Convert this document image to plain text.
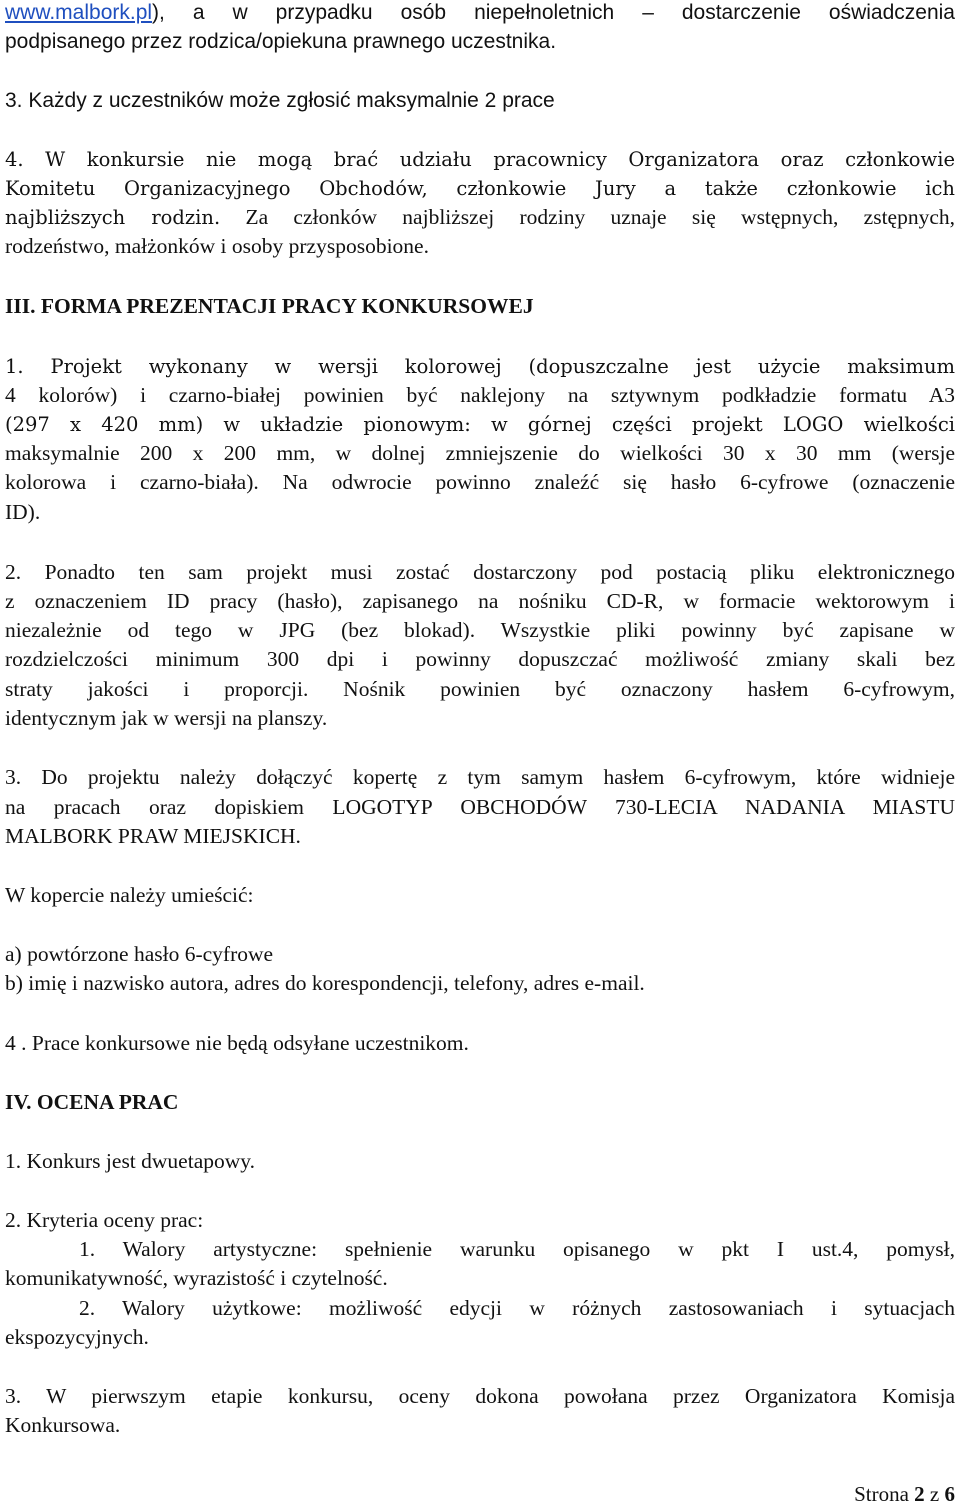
www.malbork.pl), a w przypadku osób niepełnoletnich – dostarczenie oświadczenia
podpisanego przez rodzica/opiekuna prawnego uczestnika.
3. Każdy z uczestników może zgłosić maksymalnie 2 prace
4. W konkursie nie mogą brać udziału pracownicy Organizatora oraz członkowie
Komitetu Organizacyjnego Obchodów, członkowie Jury a także członkowie ich
najbliższych rodzin. Za członków najbliższej rodziny uznaje się wstępnych, zstępnych,
rodzeństwo, małżonków i osoby przysposobione.
III. FORMA PREZENTACJI PRACY KONKURSOWEJ
1. Projekt wykonany w wersji kolorowej (dopuszczalne jest użycie maksimum
4 kolorów) i czarno-białej powinien być naklejony na sztywnym podkładzie formatu A3
(297 x 420 mm) w układzie pionowym: w górnej części projekt LOGO wielkości
maksymalnie 200 x 200 mm, w dolnej zmniejszenie do wielkości 30 x 30 mm (wersje
kolorowa i czarno-biała). Na odwrocie powinno znaleźć się hasło 6-cyfrowe (oznaczenie
ID).
2. Ponadto ten sam projekt musi zostać dostarczony pod postacią pliku elektronicznego
z oznaczeniem ID pracy (hasło), zapisanego na nośniku CD-R, w formacie wektorowym i
niezależnie od tego w JPG (bez blokad). Wszystkie pliki powinny być zapisane w
rozdzielczości minimum 300 dpi i powinny dopuszczać możliwość zmiany skali bez
straty jakości i proporcji. Nośnik powinien być oznaczony hasłem 6-cyfrowym,
identycznym jak w wersji na planszy.
3. Do projektu należy dołączyć kopertę z tym samym hasłem 6-cyfrowym, które widnieje
na pracach oraz dopiskiem LOGOTYP OBCHODÓW 730-LECIA NADANIA MIASTU
MALBORK PRAW MIEJSKICH.
W kopercie należy umieścić:
a) powtórzone hasło 6-cyfrowe
b) imię i nazwisko autora, adres do korespondencji, telefony, adres e-mail.
4 . Prace konkursowe nie będą odsyłane uczestnikom.
IV. OCENA PRAC
1. Konkurs jest dwuetapowy.
2. Kryteria oceny prac:
1. Walory artystyczne: spełnienie warunku opisanego w pkt I ust.4, pomysł,
komunikatywność, wyrazistość i czytelność.
2. Walory użytkowe: możliwość edycji w różnych zastosowaniach i sytuacjach
ekspozycyjnych.
3. W pierwszym etapie konkursu, oceny dokona powołana przez Organizatora Komisja
Konkursowa.
Strona 2 z 6
